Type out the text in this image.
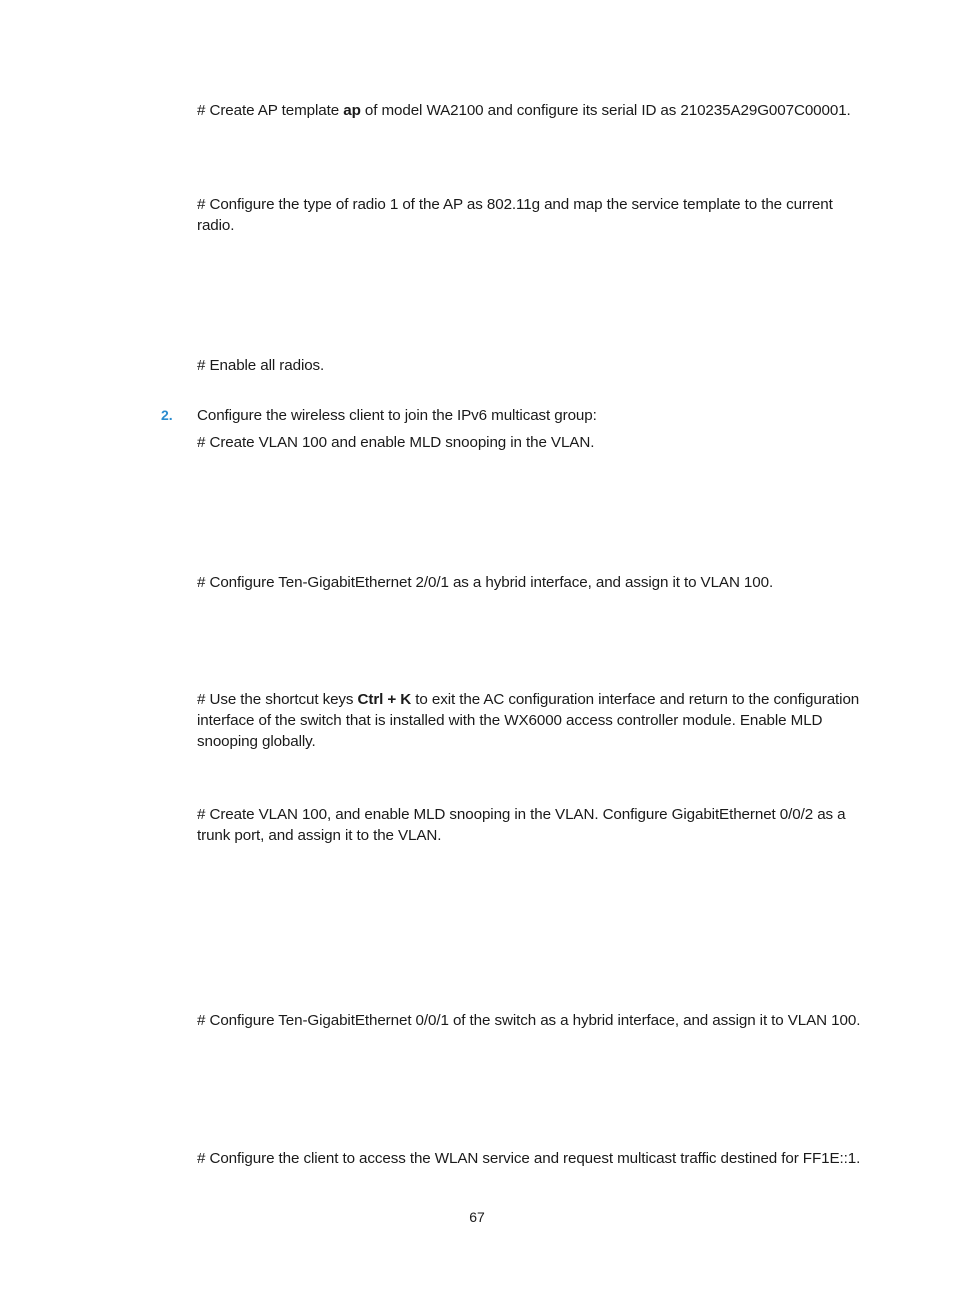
# Create AP template ap of model WA2100 and configure its serial ID as 210235A29G007C00001.

# Configure the type of radio 1 of the AP as 802.11g and map the service template to the current radio.

# Enable all radios.

2. Configure the wireless client to join the IPv6 multicast group:

# Create VLAN 100 and enable MLD snooping in the VLAN.

# Configure Ten-GigabitEthernet 2/0/1 as a hybrid interface, and assign it to VLAN 100.

# Use the shortcut keys Ctrl + K to exit the AC configuration interface and return to the configuration interface of the switch that is installed with the WX6000 access controller module. Enable MLD snooping globally.

# Create VLAN 100, and enable MLD snooping in the VLAN. Configure GigabitEthernet 0/0/2 as a trunk port, and assign it to the VLAN.

# Configure Ten-GigabitEthernet 0/0/1 of the switch as a hybrid interface, and assign it to VLAN 100.

# Configure the client to access the WLAN service and request multicast traffic destined for FF1E::1.

67
